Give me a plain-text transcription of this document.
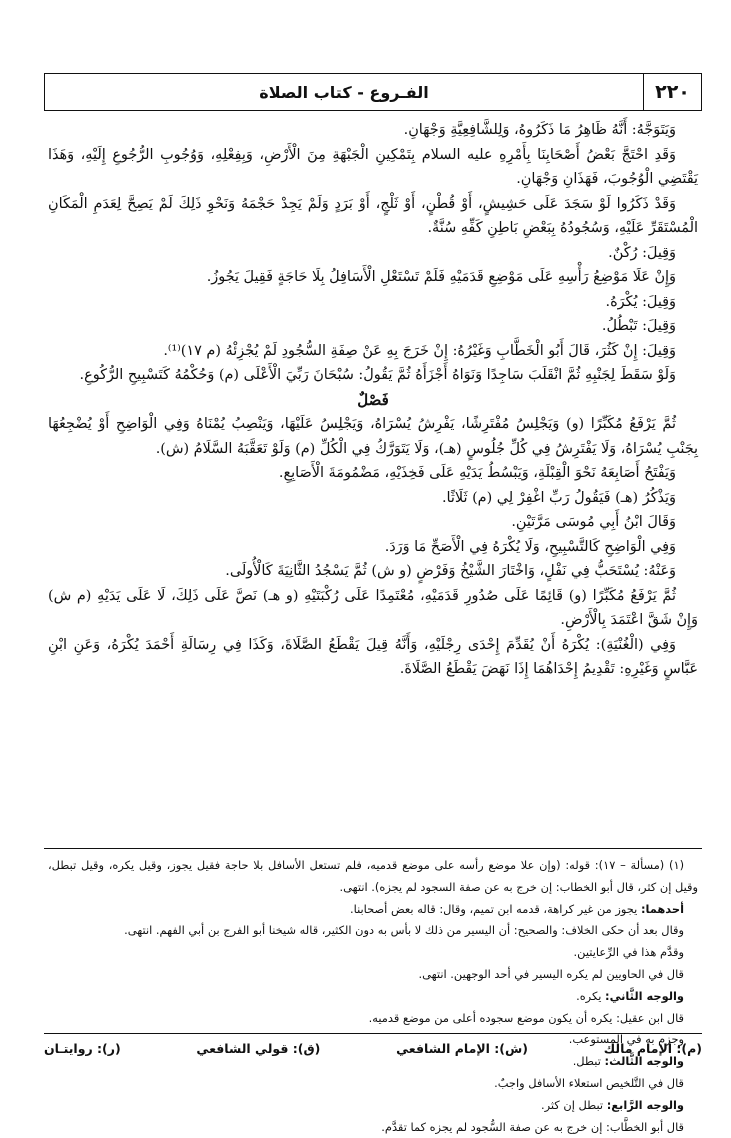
٢٢٠
الفـروع - كتاب الصلاة

وَيَتَوَجَّهُ: أَنَّهُ ظَاهِرُ مَا ذَكَرُوهُ، وَلِلشَّافِعِيَّةِ وَجْهَانِ.

وَقَدِ احْتَجَّ بَعْضُ أَصْحَابِنَا بِأَمْرِهِ عليه السلام بِتَمْكِينِ الْجَبْهَةِ مِنَ الْأَرْضِ، وَبِفِعْلِهِ، وَوُجُوبِ الرُّجُوعِ إِلَيْهِ، وَهَذَا يَقْتَضِي الْوُجُوبَ، فَهَذَانِ وَجْهَانِ.

وَقَدْ ذَكَرُوا لَوْ سَجَدَ عَلَى حَشِيشٍ، أَوْ قُطْنٍ، أَوْ ثَلْجٍ، أَوْ بَرَدٍ وَلَمْ يَجِدْ حَجْمَهُ وَنَحْوِ ذَلِكَ لَمْ يَصِحَّ لِعَدَمِ الْمَكَانِ الْمُسْتَقَرِّ عَلَيْهِ، وَسُجُودُهُ بِبَعْضِ بَاطِنِ كَفِّهِ سُنَّةٌ.

وَقِيلَ: رُكْنٌ.

وَإِنْ عَلَا مَوْضِعُ رَأْسِهِ عَلَى مَوْضِعِ قَدَمَيْهِ فَلَمْ تَسْتَعْلِ الْأَسَافِلُ بِلَا حَاجَةٍ فَقِيلَ يَجُوزُ.

وَقِيلَ: يُكْرَهُ.

وَقِيلَ: تَبْطُلُ.

وَقِيلَ: إِنْ كَثُرَ، قَالَ أَبُو الْخَطَّابِ وَغَيْرُهُ: إِنْ خَرَجَ بِهِ عَنْ صِفَةِ السُّجُودِ لَمْ يُجْزِئْهُ (م ١٧)⁽¹⁾.

وَلَوْ سَقَطَ لِجَنْبِهِ ثُمَّ انْقَلَبَ سَاجِدًا وَنَوَاهُ أَجْزَأَهُ ثُمَّ يَقُولُ: سُبْحَانَ رَبِّيَ الْأَعْلَى (م) وَحُكْمُهُ كَتَسْبِيحِ الرُّكُوعِ.

فَصْلٌ

ثُمَّ يَرْفَعُ مُكَبِّرًا (و) وَيَجْلِسُ مُفْتَرِشًا، يَفْرِشُ يُسْرَاهُ، وَيَجْلِسُ عَلَيْهَا، وَيَنْصِبُ يُمْنَاهُ وَفِي الْوَاضِحِ أَوْ يُضْجِعُهَا بِجَنْبِ يُسْرَاهُ، وَلَا يَفْتَرِشُ فِي كُلِّ جُلُوسٍ (هـ)، وَلَا يَتَوَرَّكُ فِي الْكُلِّ (م) وَلَوْ تَعَقَّبَهُ السَّلَامُ (ش).

وَيَفْتَحُ أَصَابِعَهُ نَحْوَ الْقِبْلَةِ، وَيَبْسُطُ يَدَيْهِ عَلَى فَخِذَيْهِ، مَضْمُومَةَ الْأَصَابِعِ.

وَيَذْكُرُ (هـ) فَيَقُولُ رَبِّ اغْفِرْ لِي (م) ثَلَاثًا.

وَقَالَ ابْنُ أَبِي مُوسَى مَرَّتَيْنِ.

وَفِي الْوَاضِحِ كَالتَّسْبِيحِ، وَلَا يُكْرَهُ فِي الْأَصَحِّ مَا وَرَدَ.

وَعَنْهُ: يُسْتَحَبُّ فِي نَفْلٍ، وَاخْتَارَ الشَّيْخُ وَفَرْضٍ (و ش) ثُمَّ يَسْجُدُ الثَّانِيَةَ كَالْأُولَى.

ثُمَّ يَرْفَعُ مُكَبِّرًا (و) قَائِمًا عَلَى صُدُورِ قَدَمَيْهِ، مُعْتَمِدًا عَلَى رُكْبَتَيْهِ (و هـ) نَصَّ عَلَى ذَلِكَ، لَا عَلَى يَدَيْهِ (م ش) وَإِنْ شَقَّ اعْتَمَدَ بِالْأَرْضِ.

وَفِي (الْغُنْيَةِ): يُكْرَهُ أَنْ يُقَدِّمَ إِحْدَى رِجْلَيْهِ، وَأَنَّهُ قِيلَ يَقْطَعُ الصَّلَاةَ، وَكَذَا فِي رِسَالَةِ أَحْمَدَ يُكْرَهُ، وَعَنِ ابْنِ عَبَّاسٍ وَغَيْرِهِ: تَقْدِيمُ إِحْدَاهُمَا إِذَا نَهَضَ يَقْطَعُ الصَّلَاةَ.

(١) (مسألة – ١٧): قوله: (وإن علا موضع رأسه على موضع قدميه، فلم تستعل الأسافل بلا حاجة فقيل يجوز، وقيل يكره، وقيل تبطل، وقيل إن كثر، قال أبو الخطاب: إن خرج به عن صفة السجود لم يجزه). انتهى.

أحدهما: يجوز من غير كراهة، قدمه ابن تميم، وقال: قاله بعض أصحابنا.

وقال بعد أن حكى الخلاف: والصحيح: أن اليسير من ذلك لا بأس به دون الكثير، قاله شيخنا أبو الفرج بن أبي الفهم. انتهى.

وقدَّم هذا في الرِّعايتين.

قال في الحاويين لم يكره اليسير في أحد الوجهين. انتهى.

والوجه الثَّاني: يكره.

قال ابن عقيل: يكره أن يكون موضع سجوده أعلى من موضع قدميه.

وجزم به في المستوعب.

والوجه الثَّالث: تبطل.

قال في التَّلخيص استعلاء الأسافل واجبٌ.

والوجه الرَّابع: تبطل إن كثر.

قال أبو الخطَّاب: إن خرج به عن صفة السُّجود لم يجزه كما تقدَّم.

(م): الإمام مالك
(ش): الإمام الشافعي
(ق): قولي الشافعي
(ر): روايتـان
